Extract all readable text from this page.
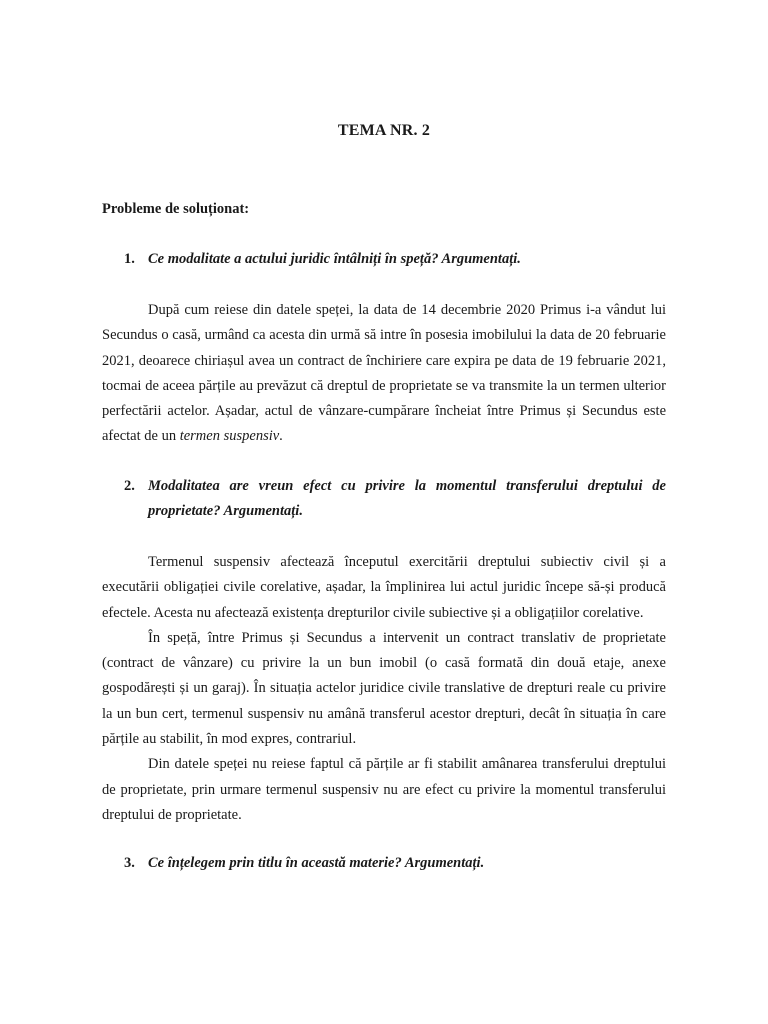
TEMA NR. 2
Probleme de soluționat:
1. Ce modalitate a actului juridic întâlniți în speță? Argumentați.

După cum reiese din datele speței, la data de 14 decembrie 2020 Primus i-a vândut lui Secundus o casă, urmând ca acesta din urmă să intre în posesia imobilului la data de 20 februarie 2021, deoarece chiriașul avea un contract de închiriere care expira pe data de 19 februarie 2021, tocmai de aceea părțile au prevăzut că dreptul de proprietate se va transmite la un termen ulterior perfectării actelor. Așadar, actul de vânzare-cumpărare încheiat între Primus și Secundus este afectat de un termen suspensiv.

2. Modalitatea are vreun efect cu privire la momentul transferului dreptului de proprietate? Argumentați.

Termenul suspensiv afectează începutul exercitării dreptului subiectiv civil și a executării obligației civile corelative, așadar, la împlinirea lui actul juridic începe să-și producă efectele. Acesta nu afectează existența drepturilor civile subiective și a obligațiilor corelative.

În speță, între Primus și Secundus a intervenit un contract translativ de proprietate (contract de vânzare) cu privire la un bun imobil (o casă formată din două etaje, anexe gospodărești și un garaj). În situația actelor juridice civile translative de drepturi reale cu privire la un bun cert, termenul suspensiv nu amână transferul acestor drepturi, decât în situația în care părțile au stabilit, în mod expres, contrariul.

Din datele speței nu reiese faptul că părțile ar fi stabilit amânarea transferului dreptului de proprietate, prin urmare termenul suspensiv nu are efect cu privire la momentul transferului dreptului de proprietate.

3. Ce înțelegem prin titlu în această materie? Argumentați.
